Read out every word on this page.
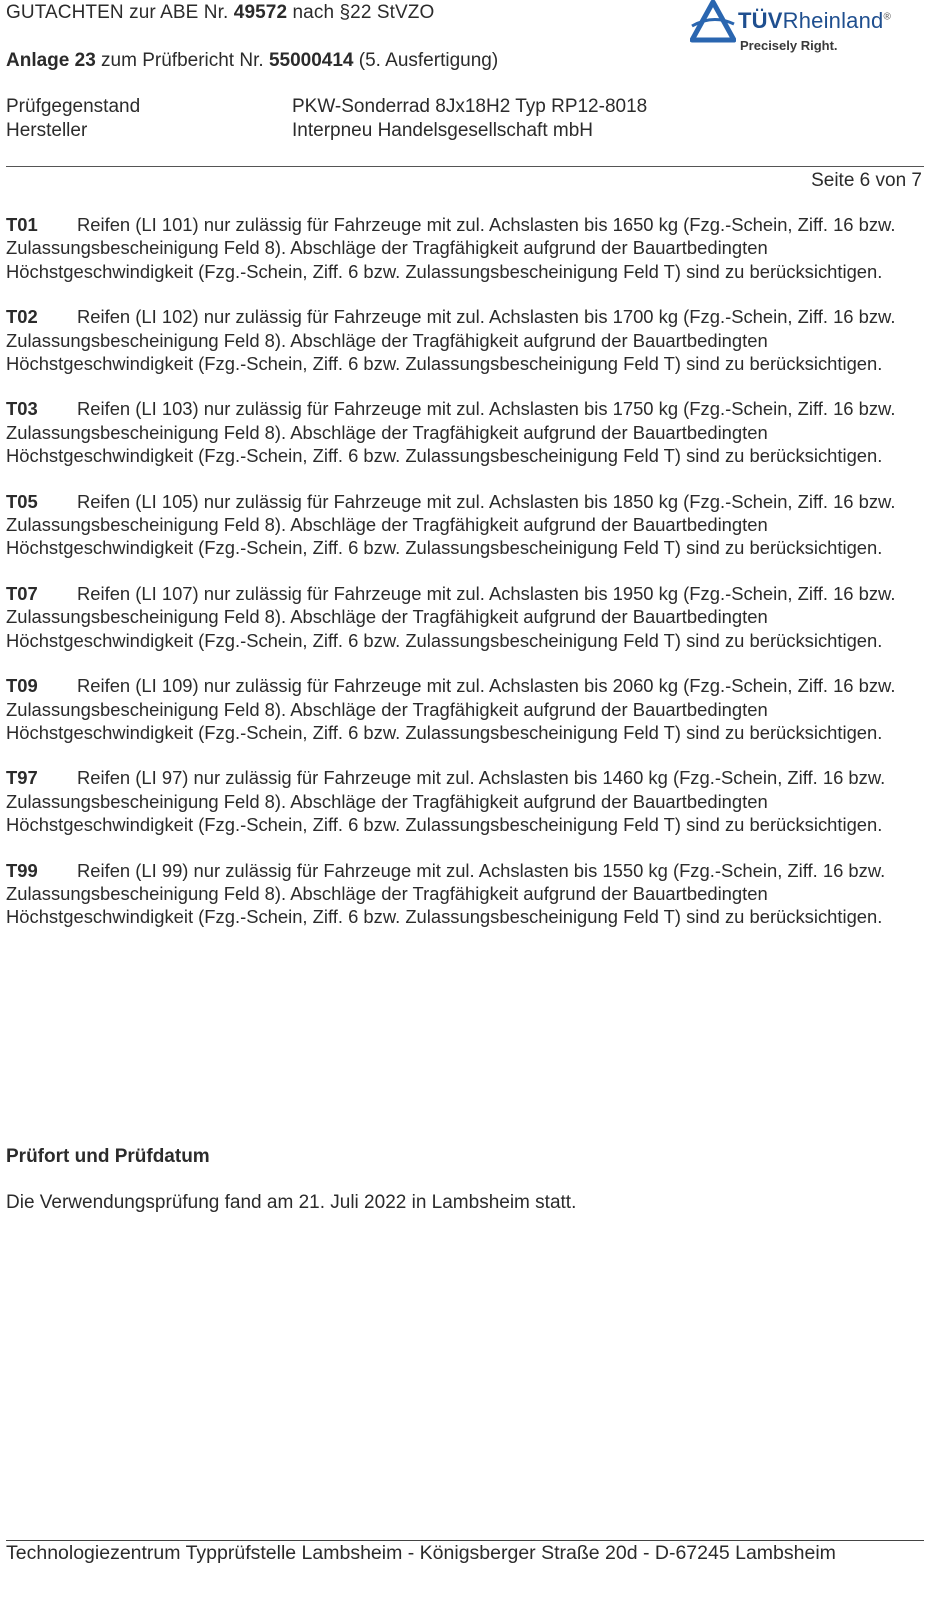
GUTACHTEN zur ABE Nr. 49572 nach §22 StVZO
Anlage 23 zum Prüfbericht Nr. 55000414 (5. Ausfertigung)
TÜVRheinland®
Precisely Right.
Prüfgegenstand	PKW-Sonderrad 8Jx18H2 Typ RP12-8018
Hersteller	Interpneu Handelsgesellschaft mbH
Seite 6 von 7

T01 Reifen (LI 101) nur zulässig für Fahrzeuge mit zul. Achslasten bis 1650 kg (Fzg.-Schein, Ziff. 16 bzw. Zulassungsbescheinigung Feld 8). Abschläge der Tragfähigkeit aufgrund der Bauartbedingten Höchstgeschwindigkeit (Fzg.-Schein, Ziff. 6 bzw. Zulassungsbescheinigung Feld T) sind zu berücksichtigen.

T02 Reifen (LI 102) nur zulässig für Fahrzeuge mit zul. Achslasten bis 1700 kg (Fzg.-Schein, Ziff. 16 bzw. Zulassungsbescheinigung Feld 8). Abschläge der Tragfähigkeit aufgrund der Bauartbedingten Höchstgeschwindigkeit (Fzg.-Schein, Ziff. 6 bzw. Zulassungsbescheinigung Feld T) sind zu berücksichtigen.

T03 Reifen (LI 103) nur zulässig für Fahrzeuge mit zul. Achslasten bis 1750 kg (Fzg.-Schein, Ziff. 16 bzw. Zulassungsbescheinigung Feld 8). Abschläge der Tragfähigkeit aufgrund der Bauartbedingten Höchstgeschwindigkeit (Fzg.-Schein, Ziff. 6 bzw. Zulassungsbescheinigung Feld T) sind zu berücksichtigen.

T05 Reifen (LI 105) nur zulässig für Fahrzeuge mit zul. Achslasten bis 1850 kg (Fzg.-Schein, Ziff. 16 bzw. Zulassungsbescheinigung Feld 8). Abschläge der Tragfähigkeit aufgrund der Bauartbedingten Höchstgeschwindigkeit (Fzg.-Schein, Ziff. 6 bzw. Zulassungsbescheinigung Feld T) sind zu berücksichtigen.

T07 Reifen (LI 107) nur zulässig für Fahrzeuge mit zul. Achslasten bis 1950 kg (Fzg.-Schein, Ziff. 16 bzw. Zulassungsbescheinigung Feld 8). Abschläge der Tragfähigkeit aufgrund der Bauartbedingten Höchstgeschwindigkeit (Fzg.-Schein, Ziff. 6 bzw. Zulassungsbescheinigung Feld T) sind zu berücksichtigen.

T09 Reifen (LI 109) nur zulässig für Fahrzeuge mit zul. Achslasten bis 2060 kg (Fzg.-Schein, Ziff. 16 bzw. Zulassungsbescheinigung Feld 8). Abschläge der Tragfähigkeit aufgrund der Bauartbedingten Höchstgeschwindigkeit (Fzg.-Schein, Ziff. 6 bzw. Zulassungsbescheinigung Feld T) sind zu berücksichtigen.

T97 Reifen (LI 97) nur zulässig für Fahrzeuge mit zul. Achslasten bis 1460 kg (Fzg.-Schein, Ziff. 16 bzw. Zulassungsbescheinigung Feld 8). Abschläge der Tragfähigkeit aufgrund der Bauartbedingten Höchstgeschwindigkeit (Fzg.-Schein, Ziff. 6 bzw. Zulassungsbescheinigung Feld T) sind zu berücksichtigen.

T99 Reifen (LI 99) nur zulässig für Fahrzeuge mit zul. Achslasten bis 1550 kg (Fzg.-Schein, Ziff. 16 bzw. Zulassungsbescheinigung Feld 8). Abschläge der Tragfähigkeit aufgrund der Bauartbedingten Höchstgeschwindigkeit (Fzg.-Schein, Ziff. 6 bzw. Zulassungsbescheinigung Feld T) sind zu berücksichtigen.

Prüfort und Prüfdatum
Die Verwendungsprüfung fand am 21. Juli 2022 in Lambsheim statt.
Technologiezentrum Typprüfstelle Lambsheim - Königsberger Straße 20d - D-67245 Lambsheim
